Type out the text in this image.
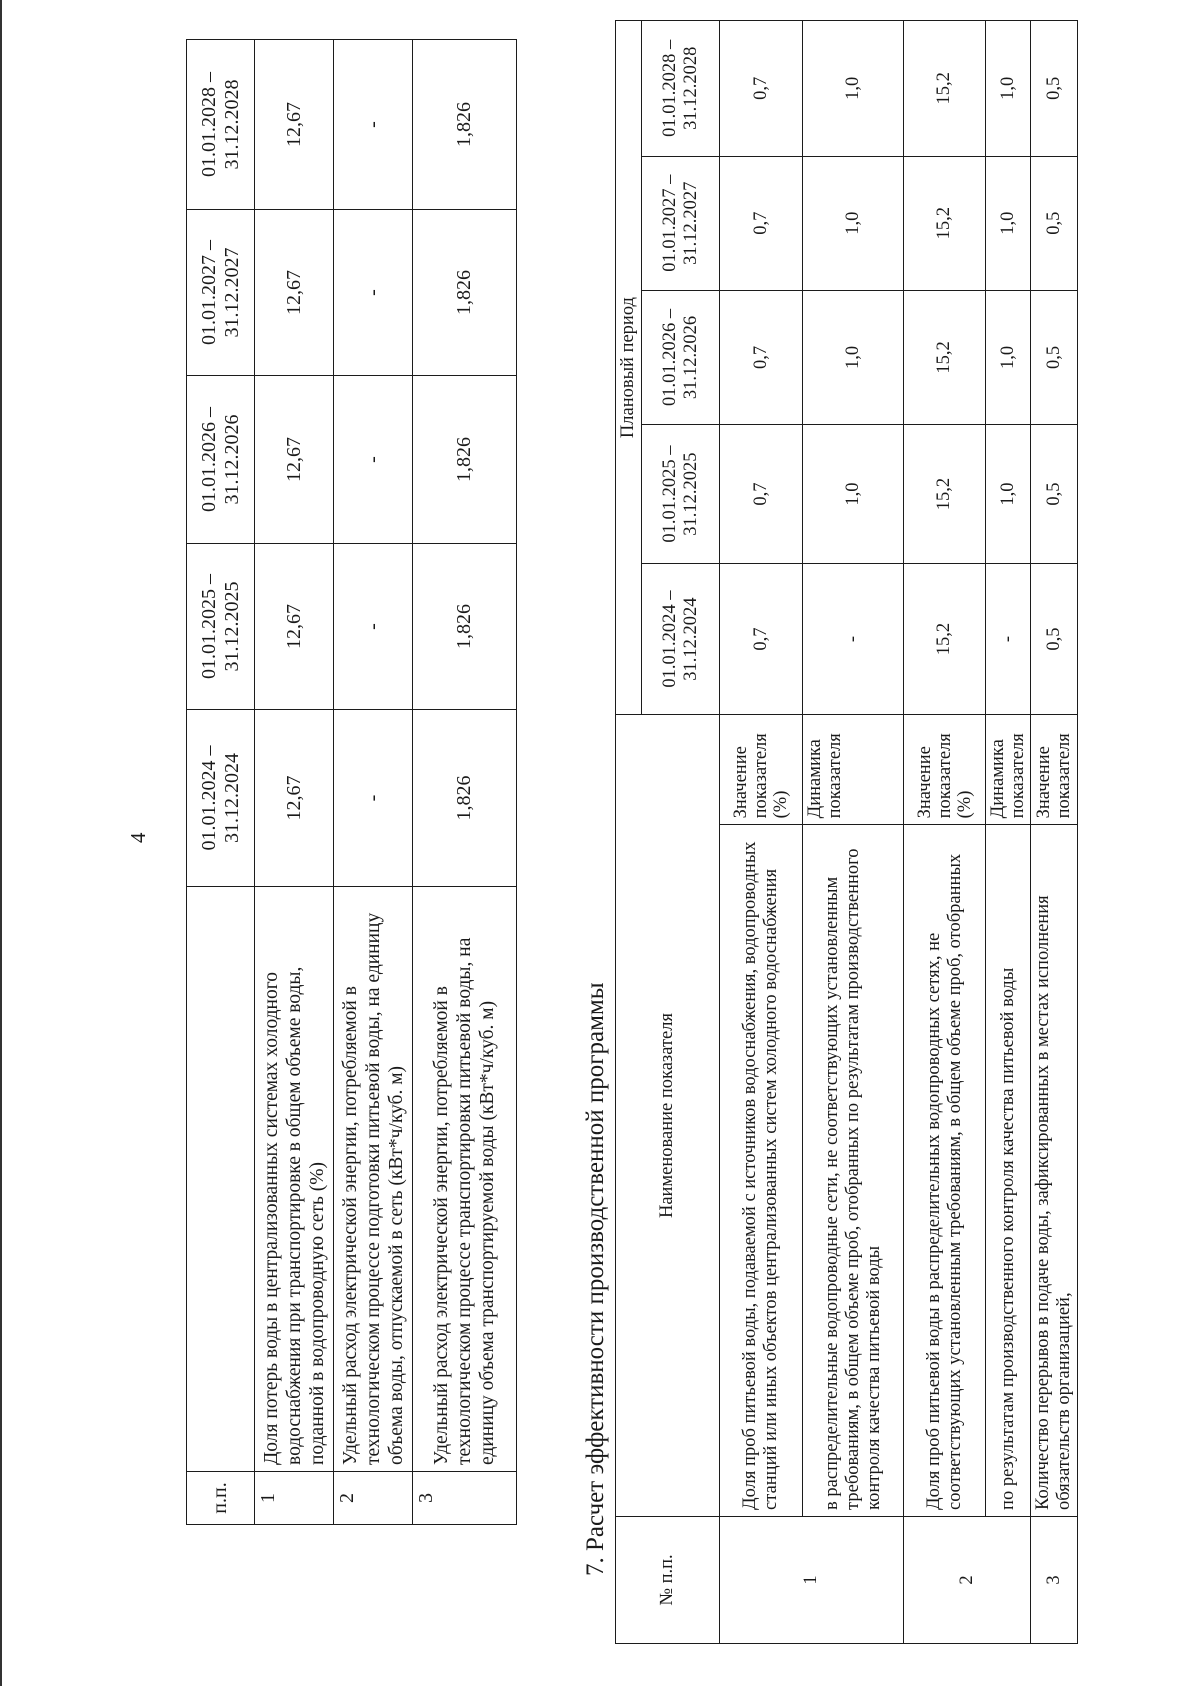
4
п.п.		01.01.2024 – 31.12.2024	01.01.2025 – 31.12.2025	01.01.2026 – 31.12.2026	01.01.2027 – 31.12.2027	01.01.2028 – 31.12.2028
1	Доля потерь воды в централизованных системах холодного водоснабжения при транспортировке в общем объеме воды, поданной в водопроводную сеть (%)	12,67	12,67	12,67	12,67	12,67
2	Удельный расход электрической энергии, потребляемой в технологическом процессе подготовки питьевой воды, на единицу объема воды, отпускаемой в сеть (кВт*ч/куб. м)	-	-	-	-	-
3	Удельный расход электрической энергии, потребляемой в технологическом процессе транспортировки питьевой воды, на единицу объема транспортируемой воды (кВт*ч/куб. м)	1,826	1,826	1,826	1,826	1,826
7. Расчет эффективности производственной программы
№ п.п.	Наименование показателя		Плановый период				
			01.01.2024 – 31.12.2024	01.01.2025 – 31.12.2025	01.01.2026 – 31.12.2026	01.01.2027 – 31.12.2027	01.01.2028 – 31.12.2028
1	Доля проб питьевой воды, подаваемой с источников водоснабжения, водопроводных станций или иных объектов централизованных систем холодного водоснабжения	Значение показателя (%)	0,7	0,7	0,7	0,7	0,7
	в распределительные водопроводные сети, не соответствующих установленным требованиям, в общем объеме проб, отобранных по результатам производственного контроля качества питьевой воды	Динамика показателя	-	1,0	1,0	1,0	1,0
2	Доля проб питьевой воды в распределительных водопроводных сетях, не соответствующих установленным требованиям, в общем объеме проб, отобранных	Значение показателя (%)	15,2	15,2	15,2	15,2	15,2
	по результатам производственного контроля качества питьевой воды	Динамика показателя	-	1,0	1,0	1,0	1,0
3	Количество перерывов в подаче воды, зафиксированных в местах исполнения обязательств организацией,	Значение показателя	0,5	0,5	0,5	0,5	0,5
